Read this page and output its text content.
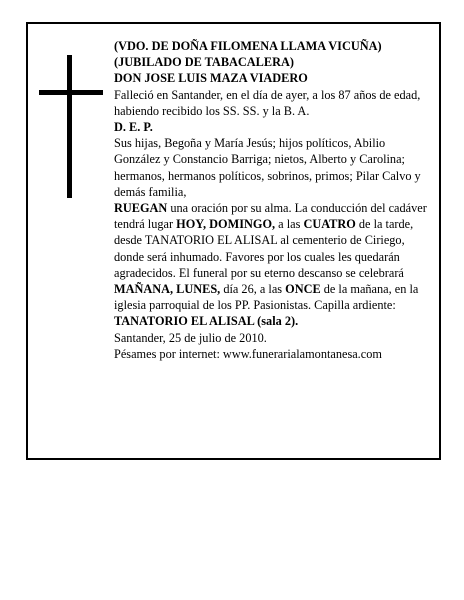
(VDO. DE DOÑA FILOMENA LLAMA VICUÑA)

(JUBILADO DE TABACALERA)

DON JOSE LUIS MAZA VIADERO

Falleció en Santander, en el día de ayer, a los 87 años de edad, habiendo recibido los SS. SS. y la B. A.

D. E. P.

Sus hijas, Begoña y María Jesús; hijos políticos, Abilio González y Constancio Barriga; nietos, Alberto y Carolina; hermanos, hermanos políticos, sobrinos, primos; Pilar Calvo y demás familia,

RUEGAN una oración por su alma. La conducción del cadáver tendrá lugar HOY, DOMINGO, a las CUATRO de la tarde, desde TANATORIO EL ALISAL al cementerio de Ciriego, donde será inhumado. Favores por los cuales les quedarán agradecidos. El funeral por su eterno descanso se celebrará MAÑANA, LUNES, día 26, a las ONCE de la mañana, en la iglesia parroquial de los PP. Pasionistas. Capilla ardiente: TANATORIO EL ALISAL (sala 2).

Santander, 25 de julio de 2010.

Pésames por internet: www.funerarialamontanesa.com
